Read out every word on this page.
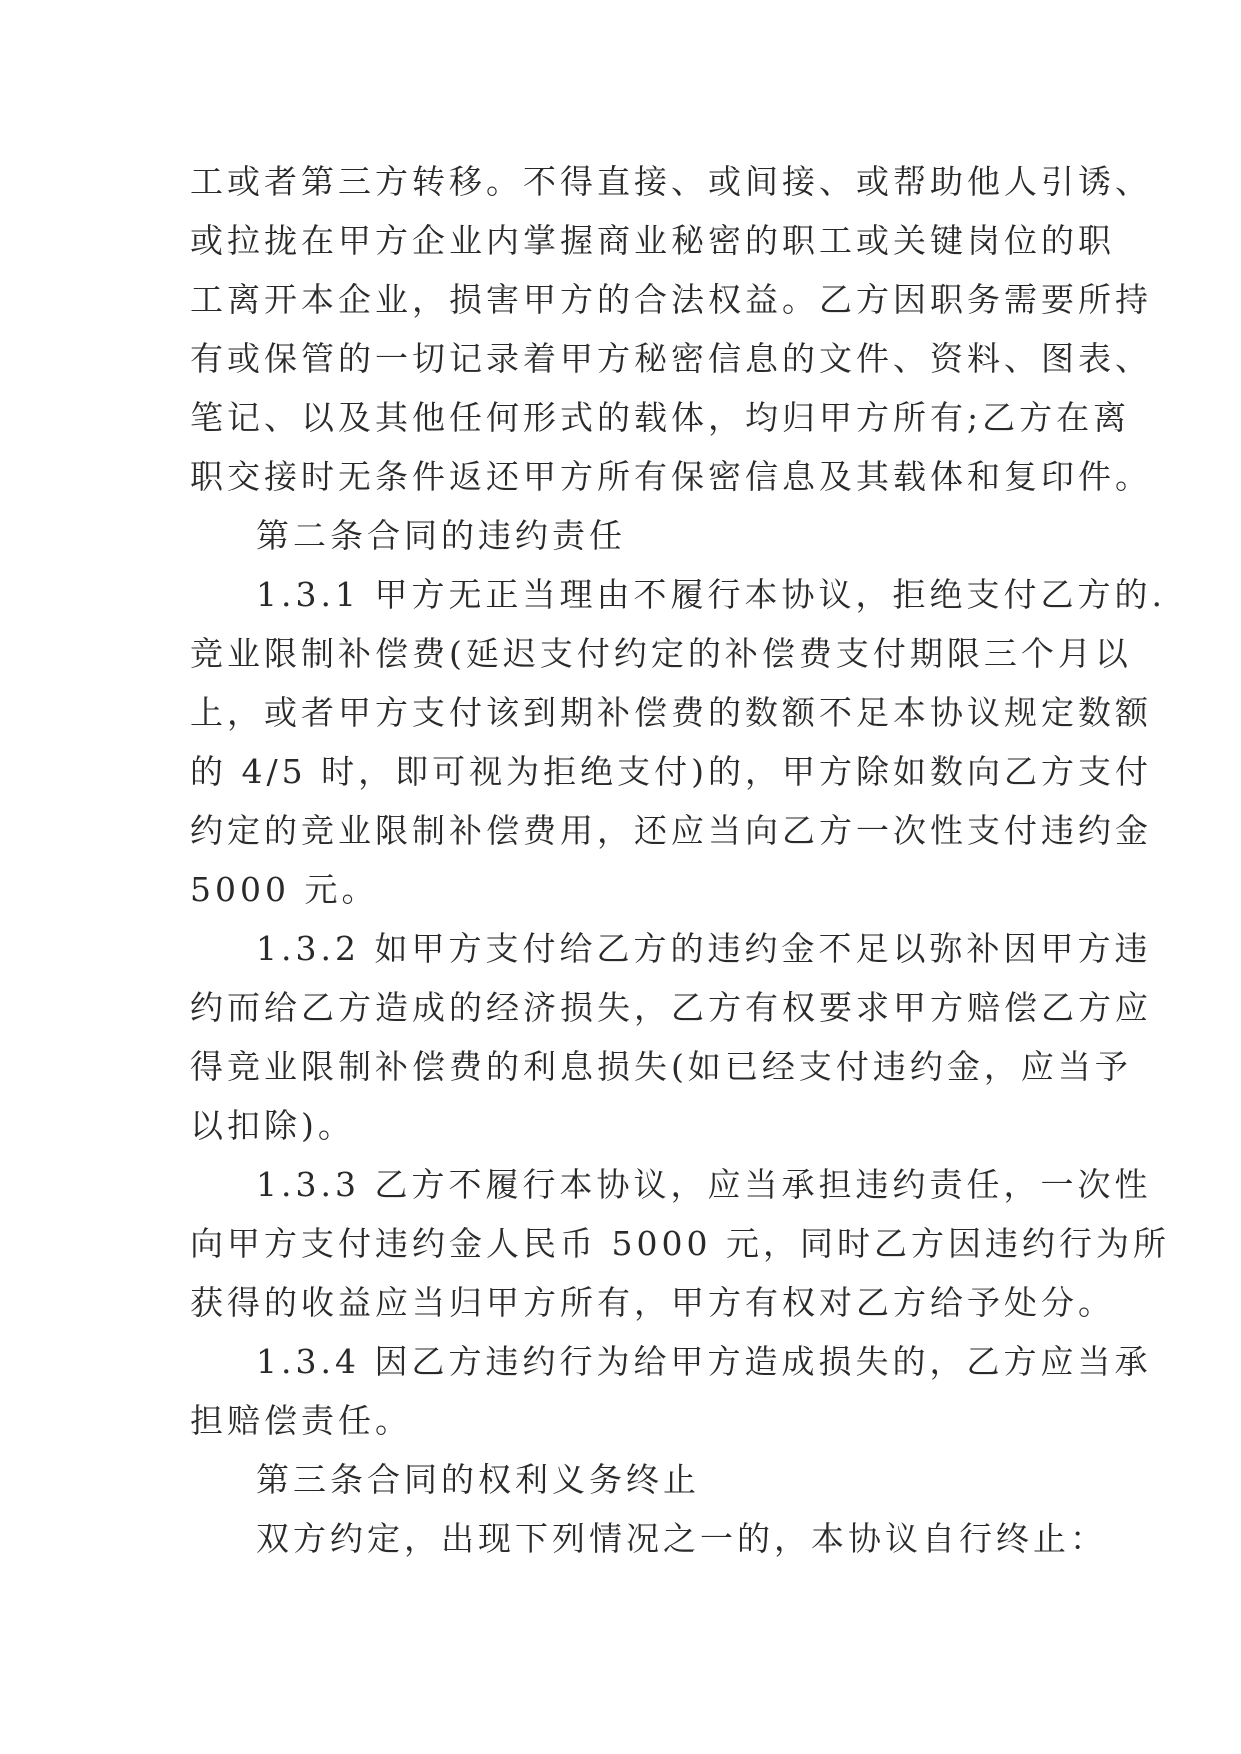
工或者第三方转移。不得直接、或间接、或帮助他人引诱、
或拉拢在甲方企业内掌握商业秘密的职工或关键岗位的职
工离开本企业，损害甲方的合法权益。乙方因职务需要所持
有或保管的一切记录着甲方秘密信息的文件、资料、图表、
笔记、以及其他任何形式的载体，均归甲方所有;乙方在离
职交接时无条件返还甲方所有保密信息及其载体和复印件。
第二条合同的违约责任
1.3.1 甲方无正当理由不履行本协议，拒绝支付乙方的.
竞业限制补偿费(延迟支付约定的补偿费支付期限三个月以
上，或者甲方支付该到期补偿费的数额不足本协议规定数额
的 4/5 时，即可视为拒绝支付)的，甲方除如数向乙方支付
约定的竞业限制补偿费用，还应当向乙方一次性支付违约金
5000 元。
1.3.2 如甲方支付给乙方的违约金不足以弥补因甲方违
约而给乙方造成的经济损失，乙方有权要求甲方赔偿乙方应
得竞业限制补偿费的利息损失(如已经支付违约金，应当予
以扣除)。
1.3.3 乙方不履行本协议，应当承担违约责任，一次性
向甲方支付违约金人民币 5000 元，同时乙方因违约行为所
获得的收益应当归甲方所有，甲方有权对乙方给予处分。
1.3.4 因乙方违约行为给甲方造成损失的，乙方应当承
担赔偿责任。
第三条合同的权利义务终止
双方约定，出现下列情况之一的，本协议自行终止：
